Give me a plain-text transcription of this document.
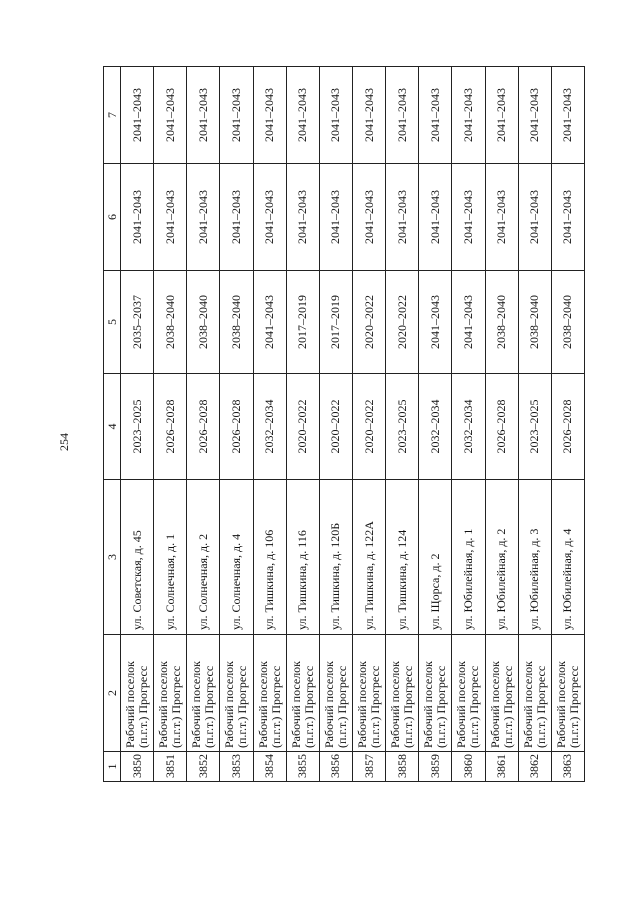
254
1	2	3	4	5	6	7
3850	Рабочий поселок (п.г.т.) Прогресс	ул. Советская, д. 45	2023–2025	2035–2037	2041–2043	2041–2043
3851	Рабочий поселок (п.г.т.) Прогресс	ул. Солнечная, д. 1	2026–2028	2038–2040	2041–2043	2041–2043
3852	Рабочий поселок (п.г.т.) Прогресс	ул. Солнечная, д. 2	2026–2028	2038–2040	2041–2043	2041–2043
3853	Рабочий поселок (п.г.т.) Прогресс	ул. Солнечная, д. 4	2026–2028	2038–2040	2041–2043	2041–2043
3854	Рабочий поселок (п.г.т.) Прогресс	ул. Тишкина, д. 106	2032–2034	2041–2043	2041–2043	2041–2043
3855	Рабочий поселок (п.г.т.) Прогресс	ул. Тишкина, д. 116	2020–2022	2017–2019	2041–2043	2041–2043
3856	Рабочий поселок (п.г.т.) Прогресс	ул. Тишкина, д. 120Б	2020–2022	2017–2019	2041–2043	2041–2043
3857	Рабочий поселок (п.г.т.) Прогресс	ул. Тишкина, д. 122А	2020–2022	2020–2022	2041–2043	2041–2043
3858	Рабочий поселок (п.г.т.) Прогресс	ул. Тишкина, д. 124	2023–2025	2020–2022	2041–2043	2041–2043
3859	Рабочий поселок (п.г.т.) Прогресс	ул. Щорса, д. 2	2032–2034	2041–2043	2041–2043	2041–2043
3860	Рабочий поселок (п.г.т.) Прогресс	ул. Юбилейная, д. 1	2032–2034	2041–2043	2041–2043	2041–2043
3861	Рабочий поселок (п.г.т.) Прогресс	ул. Юбилейная, д. 2	2026–2028	2038–2040	2041–2043	2041–2043
3862	Рабочий поселок (п.г.т.) Прогресс	ул. Юбилейная, д. 3	2023–2025	2038–2040	2041–2043	2041–2043
3863	Рабочий поселок (п.г.т.) Прогресс	ул. Юбилейная, д. 4	2026–2028	2038–2040	2041–2043	2041–2043
